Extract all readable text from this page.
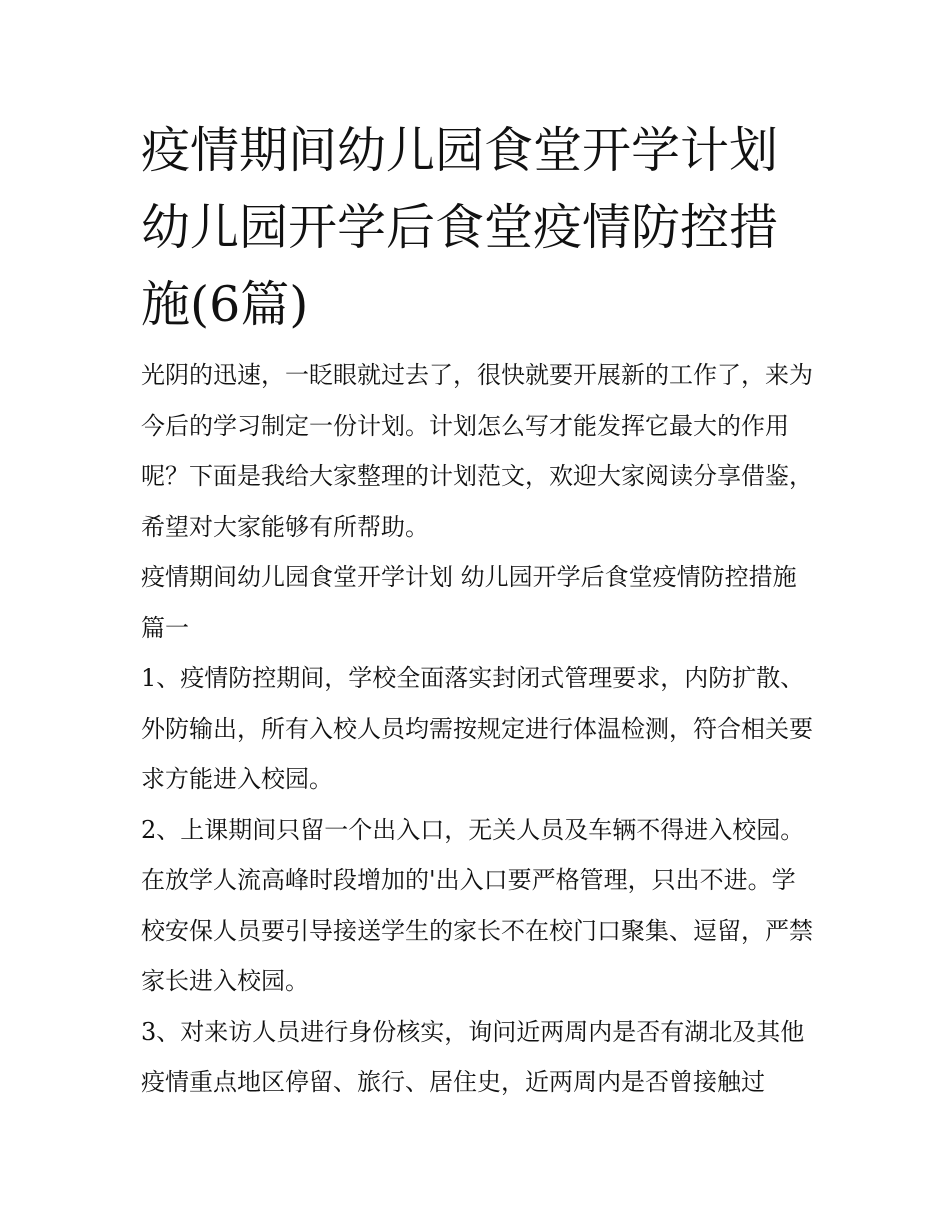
疫情期间幼儿园食堂开学计划 幼儿园开学后食堂疫情防控措施(6篇)

光阴的迅速，一眨眼就过去了，很快就要开展新的工作了，来为今后的学习制定一份计划。计划怎么写才能发挥它最大的作用呢？下面是我给大家整理的计划范文，欢迎大家阅读分享借鉴，希望对大家能够有所帮助。

疫情期间幼儿园食堂开学计划 幼儿园开学后食堂疫情防控措施篇一

1、疫情防控期间，学校全面落实封闭式管理要求，内防扩散、外防输出，所有入校人员均需按规定进行体温检测，符合相关要求方能进入校园。

2、上课期间只留一个出入口，无关人员及车辆不得进入校园。在放学人流高峰时段增加的'出入口要严格管理，只出不进。学校安保人员要引导接送学生的家长不在校门口聚集、逗留，严禁家长进入校园。

3、对来访人员进行身份核实，询问近两周内是否有湖北及其他疫情重点地区停留、旅行、居住史，近两周内是否曾接触过
